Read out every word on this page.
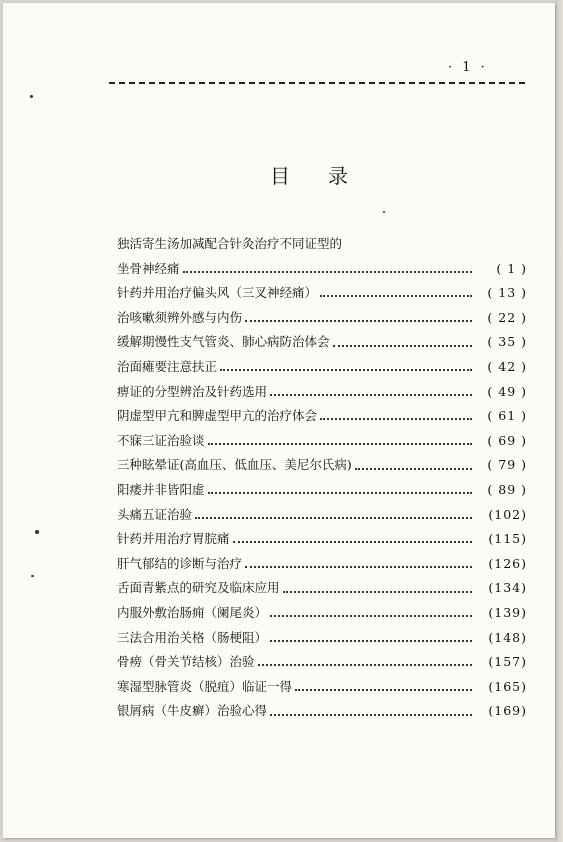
· 1 ·
目录
独活寄生汤加减配合针灸治疗不同证型的
坐骨神经痛	( 1 )
针药并用治疗偏头风（三叉神经痛）	( 13 )
治咳嗽须辨外感与内伤	( 22 )
缓解期慢性支气管炎、肺心病防治体会	( 35 )
治面瘫要注意扶正	( 42 )
痹证的分型辨治及针药选用	( 49 )
阴虚型甲亢和脾虚型甲亢的治疗体会	( 61 )
不寐三证治验谈	( 69 )
三种眩晕证(高血压、低血压、美尼尔氏病)	( 79 )
阳痿并非皆阳虚	( 89 )
头痛五证治验	(102)
针药并用治疗胃脘痛	(115)
肝气郁结的诊断与治疗	(126)
舌面青紫点的研究及临床应用	(134)
内服外敷治肠痈（阑尾炎）	(139)
三法合用治关格（肠梗阻）	(148)
骨痨（骨关节结核）治验	(157)
寒湿型脉管炎（脱疽）临证一得	(165)
银屑病（牛皮癣）治验心得	(169)
